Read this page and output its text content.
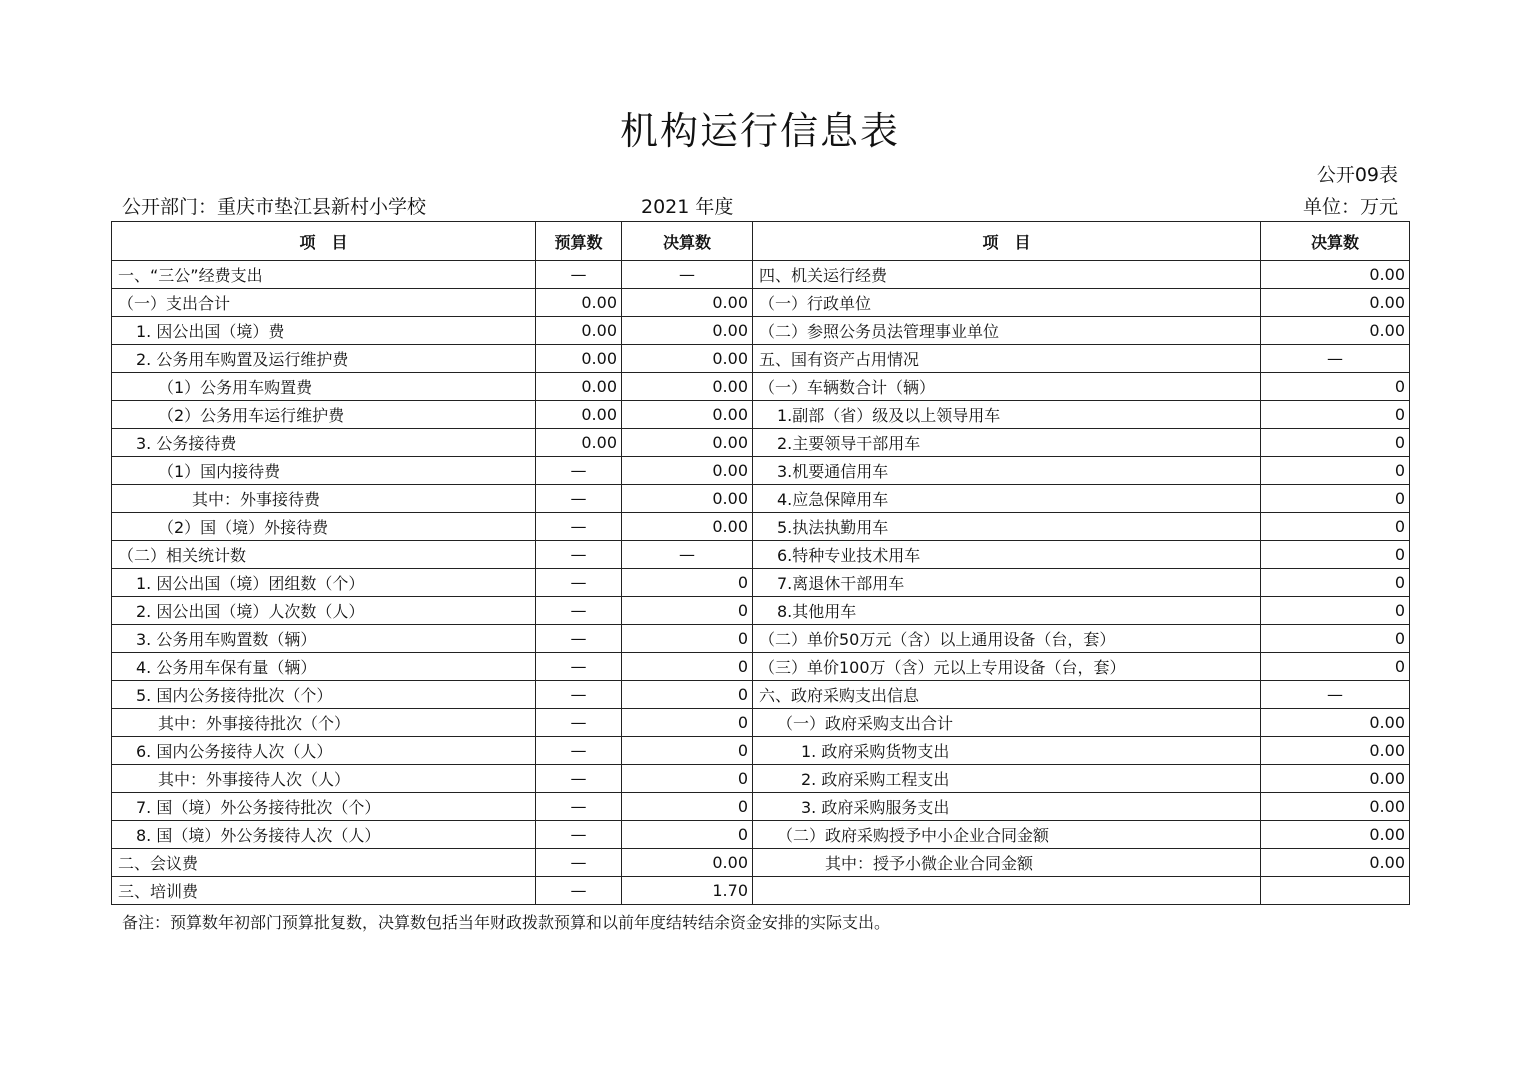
机构运行信息表
公开09表
公开部门：重庆市垫江县新村小学校	2021 年度	单位：万元
项　目	预算数	决算数	项　目	决算数
一、“三公”经费支出	—	—	四、机关运行经费	0.00
（一）支出合计	0.00	0.00	（一）行政单位	0.00
1. 因公出国（境）费	0.00	0.00	（二）参照公务员法管理事业单位	0.00
2. 公务用车购置及运行维护费	0.00	0.00	五、国有资产占用情况	—
（1）公务用车购置费	0.00	0.00	（一）车辆数合计（辆）	0
（2）公务用车运行维护费	0.00	0.00	1.副部（省）级及以上领导用车	0
3. 公务接待费	0.00	0.00	2.主要领导干部用车	0
（1）国内接待费	—	0.00	3.机要通信用车	0
其中：外事接待费	—	0.00	4.应急保障用车	0
（2）国（境）外接待费	—	0.00	5.执法执勤用车	0
（二）相关统计数	—	—	6.特种专业技术用车	0
1. 因公出国（境）团组数（个）	—	0	7.离退休干部用车	0
2. 因公出国（境）人次数（人）	—	0	8.其他用车	0
3. 公务用车购置数（辆）	—	0	（二）单价50万元（含）以上通用设备（台，套）	0
4. 公务用车保有量（辆）	—	0	（三）单价100万（含）元以上专用设备（台，套）	0
5. 国内公务接待批次（个）	—	0	六、政府采购支出信息	—
其中：外事接待批次（个）	—	0	（一）政府采购支出合计	0.00
6. 国内公务接待人次（人）	—	0	1. 政府采购货物支出	0.00
其中：外事接待人次（人）	—	0	2. 政府采购工程支出	0.00
7. 国（境）外公务接待批次（个）	—	0	3. 政府采购服务支出	0.00
8. 国（境）外公务接待人次（人）	—	0	（二）政府采购授予中小企业合同金额	0.00
二、会议费	—	0.00	其中：授予小微企业合同金额	0.00
三、培训费	—	1.70		
备注：预算数年初部门预算批复数，决算数包括当年财政拨款预算和以前年度结转结余资金安排的实际支出。
